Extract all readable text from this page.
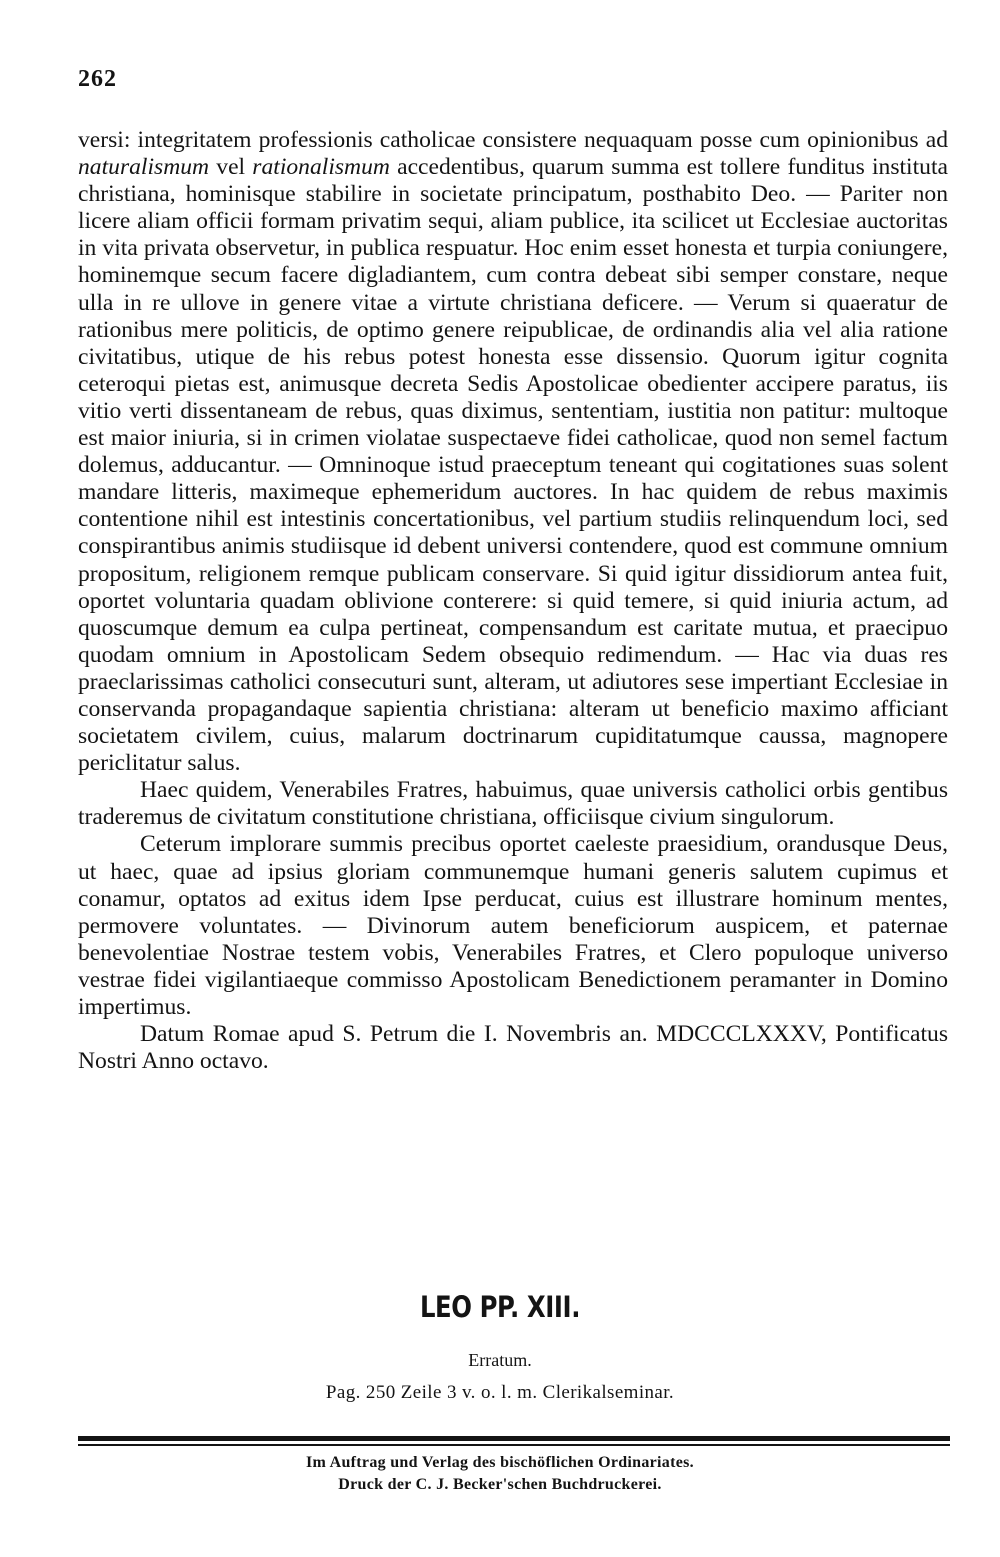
262

versi: integritatem professionis catholicae consistere nequaquam posse cum opinionibus ad naturalismum vel rationalismum accedentibus, quarum summa est tollere funditus instituta christiana, hominisque stabilire in societate principatum, posthabito Deo. — Pariter non licere aliam officii formam privatim sequi, aliam publice, ita scilicet ut Ecclesiae auctoritas in vita privata observetur, in publica respuatur. Hoc enim esset honesta et turpia coniungere, hominemque secum facere digladiantem, cum contra debeat sibi semper constare, neque ulla in re ullove in genere vitae a virtute christiana deficere. — Verum si quaeratur de rationibus mere politicis, de optimo genere reipublicae, de ordinandis alia vel alia ratione civitatibus, utique de his rebus potest honesta esse dissensio. Quorum igitur cognita ceteroqui pietas est, animusque decreta Sedis Apostolicae obedienter accipere paratus, iis vitio verti dissentaneam de rebus, quas diximus, sententiam, iustitia non patitur: multoque est maior iniuria, si in crimen violatae suspectaeve fidei catholicae, quod non semel factum dolemus, adducantur. — Omninoque istud praeceptum teneant qui cogitationes suas solent mandare litteris, maximeque ephemeridum auctores. In hac quidem de rebus maximis contentione nihil est intestinis concertationibus, vel partium studiis relinquendum loci, sed conspirantibus animis studiisque id debent universi contendere, quod est commune omnium propositum, religionem remque publicam conservare. Si quid igitur dissidiorum antea fuit, oportet voluntaria quadam oblivione conterere: si quid temere, si quid iniuria actum, ad quoscumque demum ea culpa pertineat, compensandum est caritate mutua, et praecipuo quodam omnium in Apostolicam Sedem obsequio redimendum. — Hac via duas res praeclarissimas catholici consecuturi sunt, alteram, ut adiutores sese impertiant Ecclesiae in conservanda propagandaque sapientia christiana: alteram ut beneficio maximo afficiant societatem civilem, cuius, malarum doctrinarum cupiditatumque caussa, magnopere periclitatur salus.

Haec quidem, Venerabiles Fratres, habuimus, quae universis catholici orbis gentibus traderemus de civitatum constitutione christiana, officiisque civium singulorum.

Ceterum implorare summis precibus oportet caeleste praesidium, orandusque Deus, ut haec, quae ad ipsius gloriam communemque humani generis salutem cupimus et conamur, optatos ad exitus idem Ipse perducat, cuius est illustrare hominum mentes, permovere voluntates. — Divinorum autem beneficiorum auspicem, et paternae benevolentiae Nostrae testem vobis, Venerabiles Fratres, et Clero populoque universo vestrae fidei vigilantiaeque commisso Apostolicam Benedictionem peramanter in Domino impertimus.

Datum Romae apud S. Petrum die I. Novembris an. MDCCCLXXXV, Pontificatus Nostri Anno octavo.

LEO PP. XIII.
Erratum.
Pag. 250 Zeile 3 v. o. l. m. Clerikalseminar.
Im Auftrag und Verlag des bischöflichen Ordinariates.
Druck der C. J. Becker'schen Buchdruckerei.
